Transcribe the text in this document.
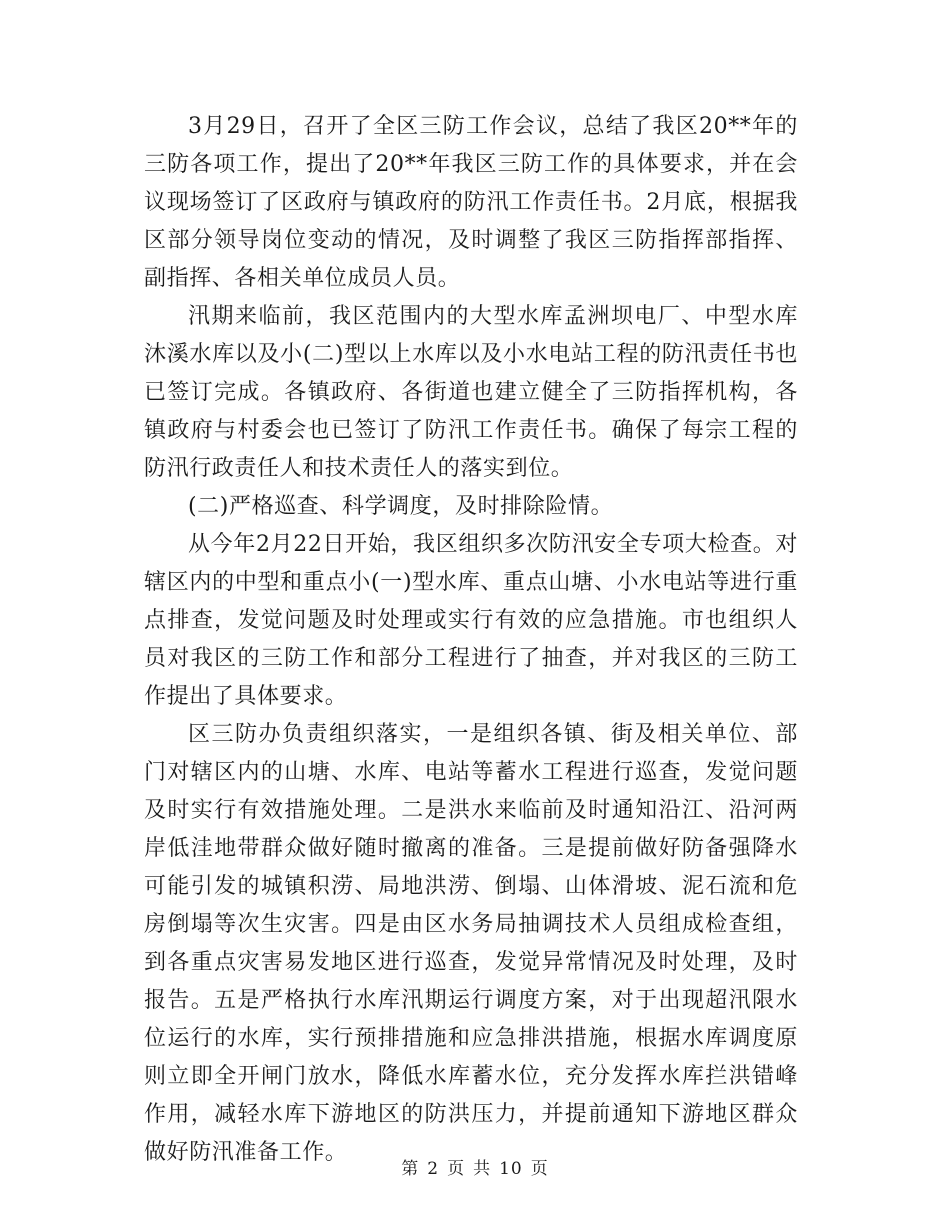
3月29日，召开了全区三防工作会议，总结了我区20**年的三防各项工作，提出了20**年我区三防工作的具体要求，并在会议现场签订了区政府与镇政府的防汛工作责任书。2月底，根据我区部分领导岗位变动的情况，及时调整了我区三防指挥部指挥、副指挥、各相关单位成员人员。

汛期来临前，我区范围内的大型水库孟洲坝电厂、中型水库沐溪水库以及小(二)型以上水库以及小水电站工程的防汛责任书也已签订完成。各镇政府、各街道也建立健全了三防指挥机构，各镇政府与村委会也已签订了防汛工作责任书。确保了每宗工程的防汛行政责任人和技术责任人的落实到位。

(二)严格巡查、科学调度，及时排除险情。

从今年2月22日开始，我区组织多次防汛安全专项大检查。对辖区内的中型和重点小(一)型水库、重点山塘、小水电站等进行重点排查，发觉问题及时处理或实行有效的应急措施。市也组织人员对我区的三防工作和部分工程进行了抽查，并对我区的三防工作提出了具体要求。

区三防办负责组织落实，一是组织各镇、街及相关单位、部门对辖区内的山塘、水库、电站等蓄水工程进行巡查，发觉问题及时实行有效措施处理。二是洪水来临前及时通知沿江、沿河两岸低洼地带群众做好随时撤离的准备。三是提前做好防备强降水可能引发的城镇积涝、局地洪涝、倒塌、山体滑坡、泥石流和危房倒塌等次生灾害。四是由区水务局抽调技术人员组成检查组，到各重点灾害易发地区进行巡查，发觉异常情况及时处理，及时报告。五是严格执行水库汛期运行调度方案，对于出现超汛限水位运行的水库，实行预排措施和应急排洪措施，根据水库调度原则立即全开闸门放水，降低水库蓄水位，充分发挥水库拦洪错峰作用，减轻水库下游地区的防洪压力，并提前通知下游地区群众做好防汛准备工作。

第 2 页 共 10 页
